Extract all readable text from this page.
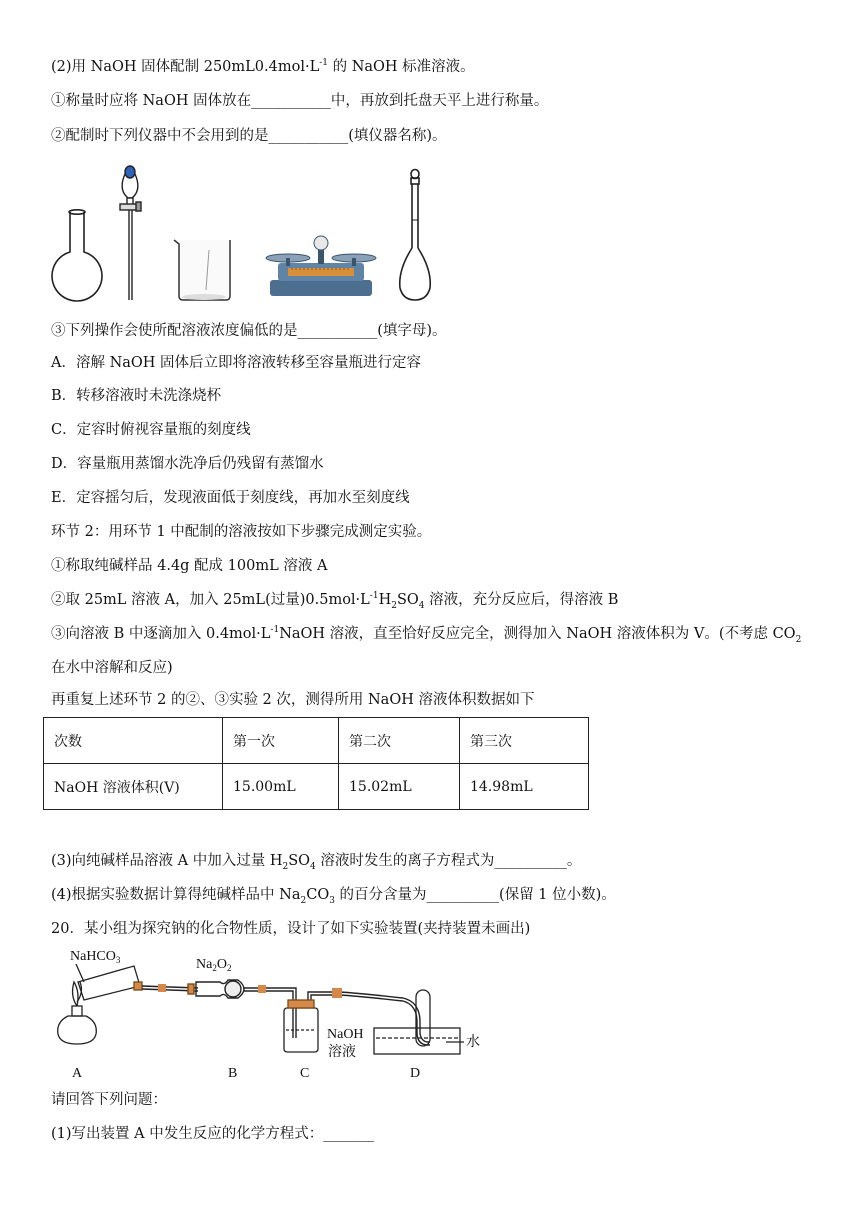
(2)用 NaOH 固体配制 $250mL0.4mol\cdot L^{-1}$ 的 NaOH 标准溶液。
①称量时应将 NaOH 固体放在___________中，再放到托盘天平上进行称量。
②配制时下列仪器中不会用到的是___________(填仪器名称)。
③下列操作会使所配溶液浓度偏低的是___________(填字母)。
A．溶解 NaOH 固体后立即将溶液转移至容量瓶进行定容
B．转移溶液时未洗涤烧杯
C．定容时俯视容量瓶的刻度线
D．容量瓶用蒸馏水洗净后仍残留有蒸馏水
E．定容摇匀后，发现液面低于刻度线，再加水至刻度线
环节 2：用环节 1 中配制的溶液按如下步骤完成测定实验。
①称取纯碱样品 4.4g 配成 100mL 溶液 A
②取 25mL 溶液 A，加入 25mL(过量)$0.5mol\cdot L^{-1}H_2SO_4$ 溶液，充分反应后，得溶液 B
③向溶液 B 中逐滴加入 $0.4mol\cdot L^{-1}NaOH$ 溶液，直至恰好反应完全，测得加入 NaOH 溶液体积为 V。(不考虑 $CO_2$
在水中溶解和反应)
再重复上述环节 2 的②、③实验 2 次，测得所用 NaOH 溶液体积数据如下
次数	第一次	第二次	第三次
NaOH 溶液体积(V)	15.00mL	15.02mL	14.98mL
(3)向纯碱样品溶液 A 中加入过量 $H_2SO_4$ 溶液时发生的离子方程式为__________。
(4)根据实验数据计算得纯碱样品中 $Na_2CO_3$ 的百分含量为__________(保留 1 位小数)。
20．某小组为探究钠的化合物性质，设计了如下实验装置(夹持装置未画出)
NaHCO$_3$	$Na_2O_2$
NaOH
溶液
水
A	B	C	D
请回答下列问题：
(1)写出装置 A 中发生反应的化学方程式：_______
